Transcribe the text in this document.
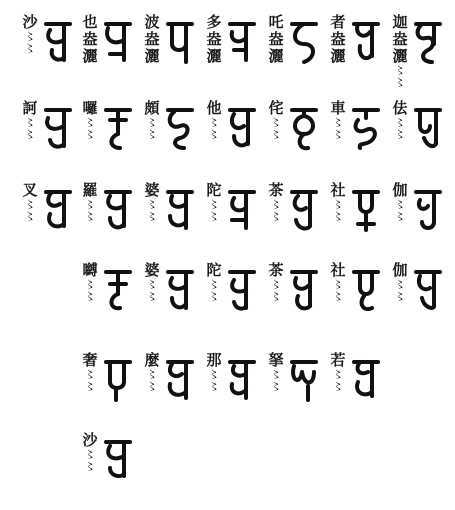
迦
盎
灑
〻
〻
佉
〻
〻
伽
〻
〻
伽
〻
〻
者
盎
灑
車
〻
〻
社
〻
〻
社
〻
〻
若
〻
〻
吒
盎
灑
侘
〻
〻
茶
〻
〻
茶
〻
〻
拏
〻
〻
多
盎
灑
他
〻
〻
陀
〻
〻
陀
〻
〻
那
〻
〻
波
盎
灑
頗
〻
〻
婆
〻
〻
婆
〻
〻
麼
〻
〻
也
盎
灑
囉
〻
〻
羅
〻
〻
嚩
〻
〻
奢
〻
〻
沙
〻
〻
沙
〻
〻
訶
〻
〻
叉
〻
〻
